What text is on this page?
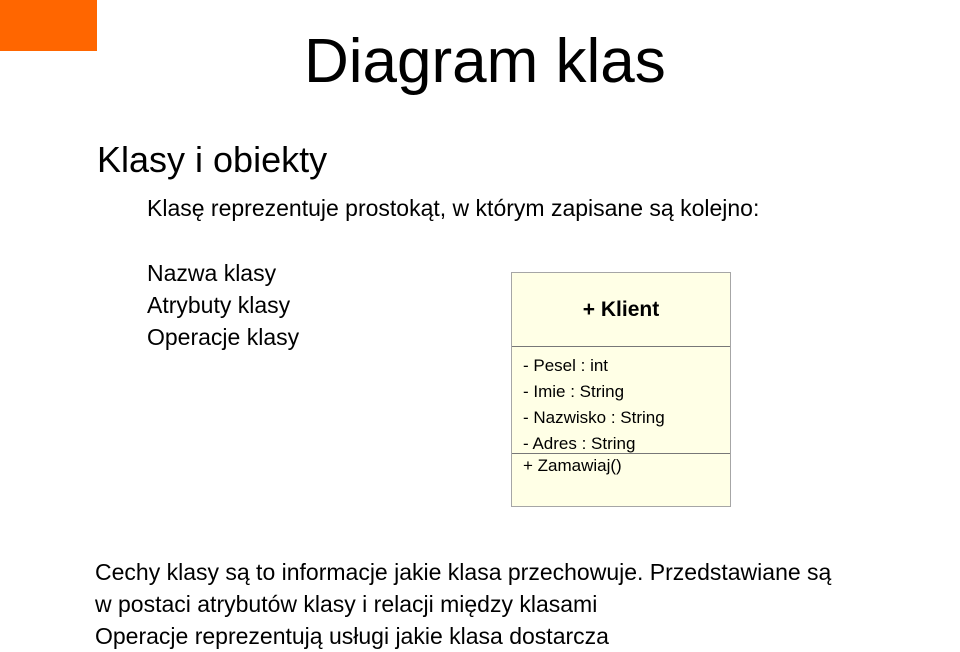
Diagram klas
Klasy i obiekty
Klasę reprezentuje prostokąt, w którym zapisane są kolejno:
Nazwa klasy
Atrybuty klasy
Operacje klasy
+ Klient
- Pesel : int
- Imie : String
- Nazwisko : String
- Adres : String
+ Zamawiaj()
Cechy klasy są to informacje jakie klasa przechowuje. Przedstawiane są
w postaci atrybutów klasy i relacji między klasami
Operacje reprezentują usługi jakie klasa dostarcza
